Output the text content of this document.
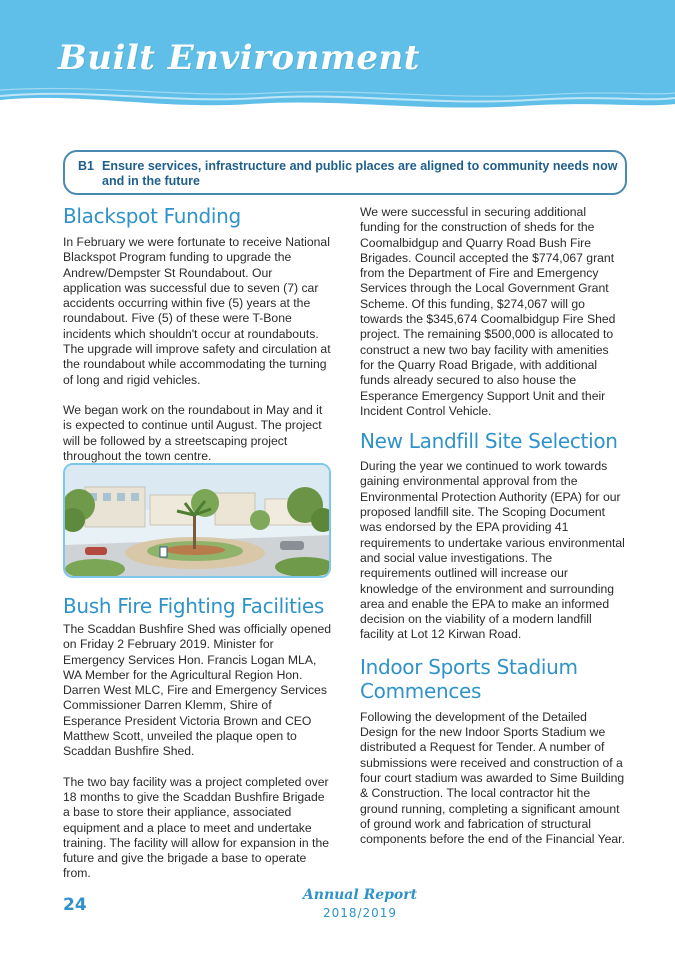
Built Environment
B1 Ensure services, infrastructure and public places are aligned to community needs now and in the future
Blackspot Funding

In February we were fortunate to receive National Blackspot Program funding to upgrade the Andrew/Dempster St Roundabout. Our application was successful due to seven (7) car accidents occurring within five (5) years at the roundabout. Five (5) of these were T-Bone incidents which shouldn't occur at roundabouts. The upgrade will improve safety and circulation at the roundabout while accommodating the turning of long and rigid vehicles.

We began work on the roundabout in May and it is expected to continue until August. The project will be followed by a streetscaping project throughout the town centre.

Bush Fire Fighting Facilities

The Scaddan Bushfire Shed was officially opened on Friday 2 February 2019. Minister for Emergency Services Hon. Francis Logan MLA, WA Member for the Agricultural Region Hon. Darren West MLC, Fire and Emergency Services Commissioner Darren Klemm, Shire of Esperance President Victoria Brown and CEO Matthew Scott, unveiled the plaque open to Scaddan Bushfire Shed.

The two bay facility was a project completed over 18 months to give the Scaddan Bushfire Brigade a base to store their appliance, associated equipment and a place to meet and undertake training. The facility will allow for expansion in the future and give the brigade a base to operate from.

We were successful in securing additional funding for the construction of sheds for the Coomalbidgup and Quarry Road Bush Fire Brigades. Council accepted the $774,067 grant from the Department of Fire and Emergency Services through the Local Government Grant Scheme. Of this funding, $274,067 will go towards the $345,674 Coomalbidgup Fire Shed project. The remaining $500,000 is allocated to construct a new two bay facility with amenities for the Quarry Road Brigade, with additional funds already secured to also house the Esperance Emergency Support Unit and their Incident Control Vehicle.

New Landfill Site Selection

During the year we continued to work towards gaining environmental approval from the Environmental Protection Authority (EPA) for our proposed landfill site. The Scoping Document was endorsed by the EPA providing 41 requirements to undertake various environmental and social value investigations. The requirements outlined will increase our knowledge of the environment and surrounding area and enable the EPA to make an informed decision on the viability of a modern landfill facility at Lot 12 Kirwan Road.

Indoor Sports Stadium Commences

Following the development of the Detailed Design for the new Indoor Sports Stadium we distributed a Request for Tender. A number of submissions were received and construction of a four court stadium was awarded to Sime Building & Construction. The local contractor hit the ground running, completing a significant amount of ground work and fabrication of structural components before the end of the Financial Year.

24	Annual Report
2018/2019
